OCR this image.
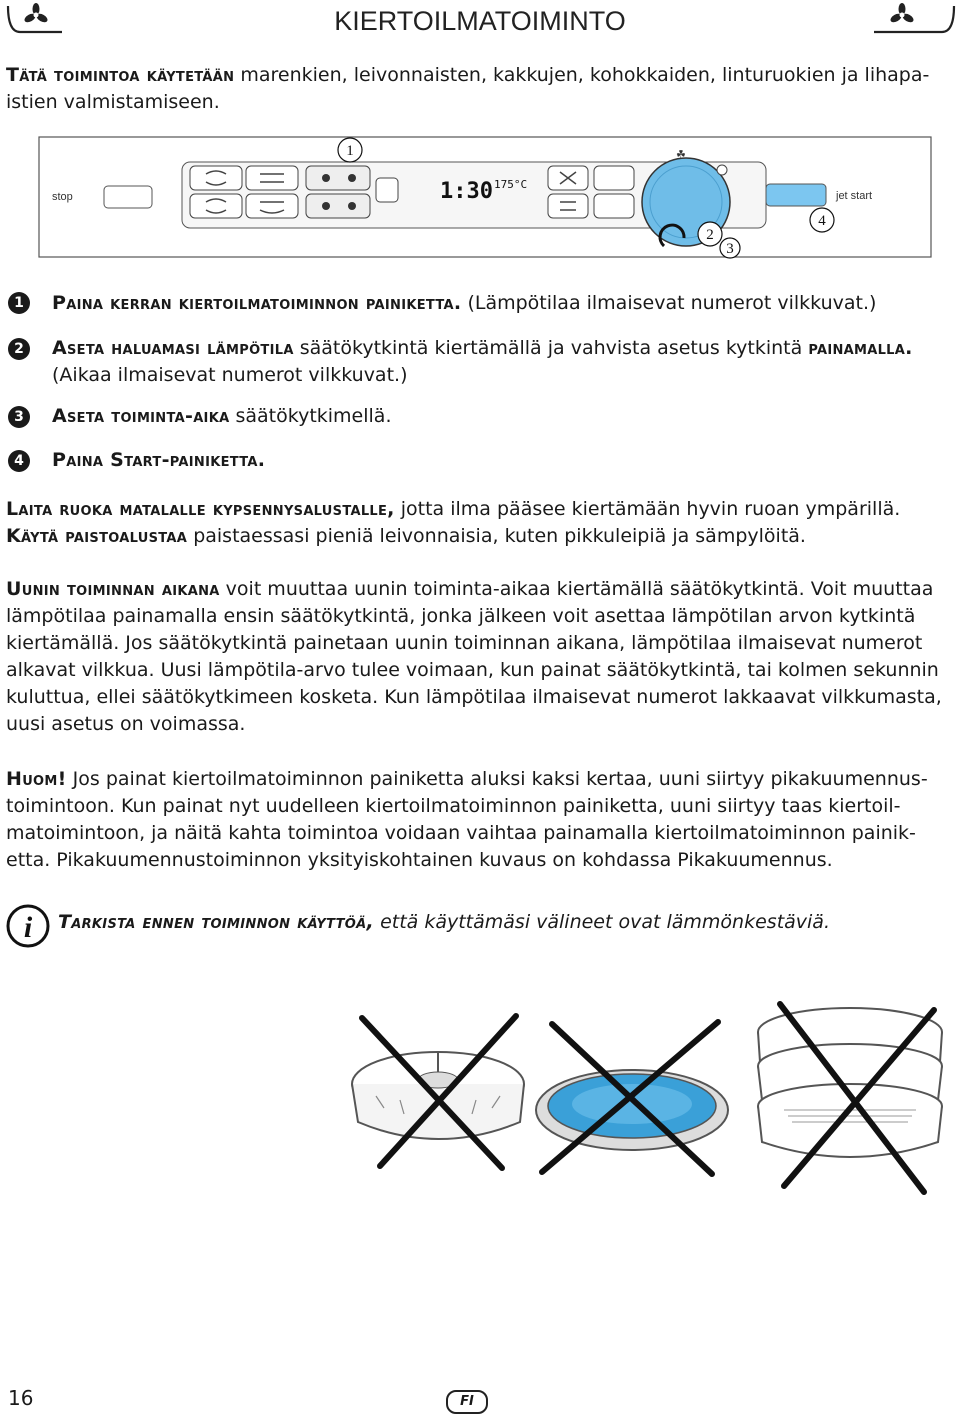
KIERTOILMATOIMINTO
Tätä toimintoa käytetään marenkien, leivonnaisten, kakkujen, kohokkaiden, linturuokien ja lihapa-
istien valmistamiseen.
stop	1:30 175°C
☘
jet start
1
2
3
4
1	Paina kerran kiertoilmatoiminnon painiketta. (Lämpötilaa ilmaisevat numerot vilkkuvat.)
2	Aseta haluamasi lämpötila säätökytkintä kiertämällä ja vahvista asetus kytkintä painamalla.
(Aikaa ilmaisevat numerot vilkkuvat.)
3	Aseta toiminta-aika säätökytkimellä.
4	Paina Start-painiketta.
Laita ruoka matalalle kypsennysalustalle, jotta ilma pääsee kiertämään hyvin ruoan ympärillä.
Käytä paistoalustaa paistaessasi pieniä leivonnaisia, kuten pikkuleipiä ja sämpylöitä.
Uunin toiminnan aikana voit muuttaa uunin toiminta-aikaa kiertämällä säätökytkintä. Voit muuttaa
lämpötilaa painamalla ensin säätökytkintä, jonka jälkeen voit asettaa lämpötilan arvon kytkintä
kiertämällä. Jos säätökytkintä painetaan uunin toiminnan aikana, lämpötilaa ilmaisevat numerot
alkavat vilkkua. Uusi lämpötila-arvo tulee voimaan, kun painat säätökytkintä, tai kolmen sekunnin
kuluttua, ellei säätökytkimeen kosketa. Kun lämpötilaa ilmaisevat numerot lakkaavat vilkkumasta,
uusi asetus on voimassa.
Huom! Jos painat kiertoilmatoiminnon painiketta aluksi kaksi kertaa, uuni siirtyy pikakuumennus-
toimintoon. Kun painat nyt uudelleen kiertoilmatoiminnon painiketta, uuni siirtyy taas kiertoil-
matoimintoon, ja näitä kahta toimintoa voidaan vaihtaa painamalla kiertoilmatoiminnon painik-
etta. Pikakuumennustoiminnon yksityiskohtainen kuvaus on kohdassa Pikakuumennus.
i Tarkista ennen toiminnon käyttöä, että käyttämäsi välineet ovat lämmönkestäviä.
16	FI
